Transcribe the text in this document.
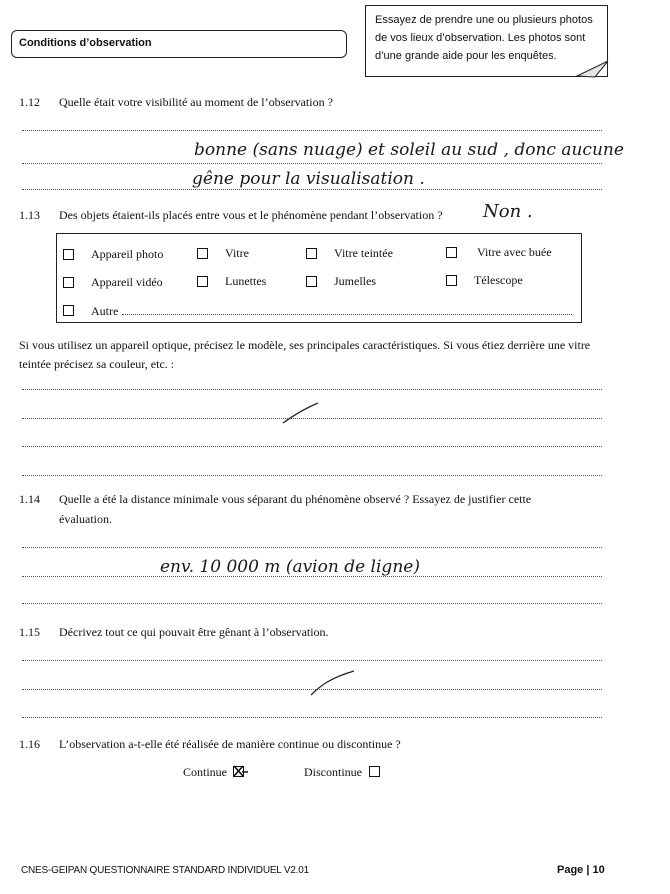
Conditions d’observation
Essayez de prendre une ou plusieurs photos de vos lieux d’observation. Les photos sont d’une grande aide pour les enquêtes.
1.12 Quelle était votre visibilité au moment de l’observation ?
bonne (sans nuage) et soleil au sud , donc aucune
gêne pour la visualisation .
1.13 Des objets étaient-ils placés entre vous et le phénomène pendant l’observation ? Non .
Appareil photo	Vitre	Vitre teintée	Vitre avec buée
Appareil vidéo	Lunettes	Jumelles	Télescope
Autre
Si vous utilisez un appareil optique, précisez le modèle, ses principales caractéristiques. Si vous étiez derrière une vitre teintée précisez sa couleur, etc. :
1.14 Quelle a été la distance minimale vous séparant du phénomène observé ? Essayez de justifier cette
évaluation.
env. 10 000 m (avion de ligne)
1.15 Décrivez tout ce qui pouvait être gênant à l’observation.
1.16 L’observation a-t-elle été réalisée de manière continue ou discontinue ?
Continue	Discontinue
CNES-GEIPAN QUESTIONNAIRE STANDARD INDIVIDUEL V2.01	Page | 10
